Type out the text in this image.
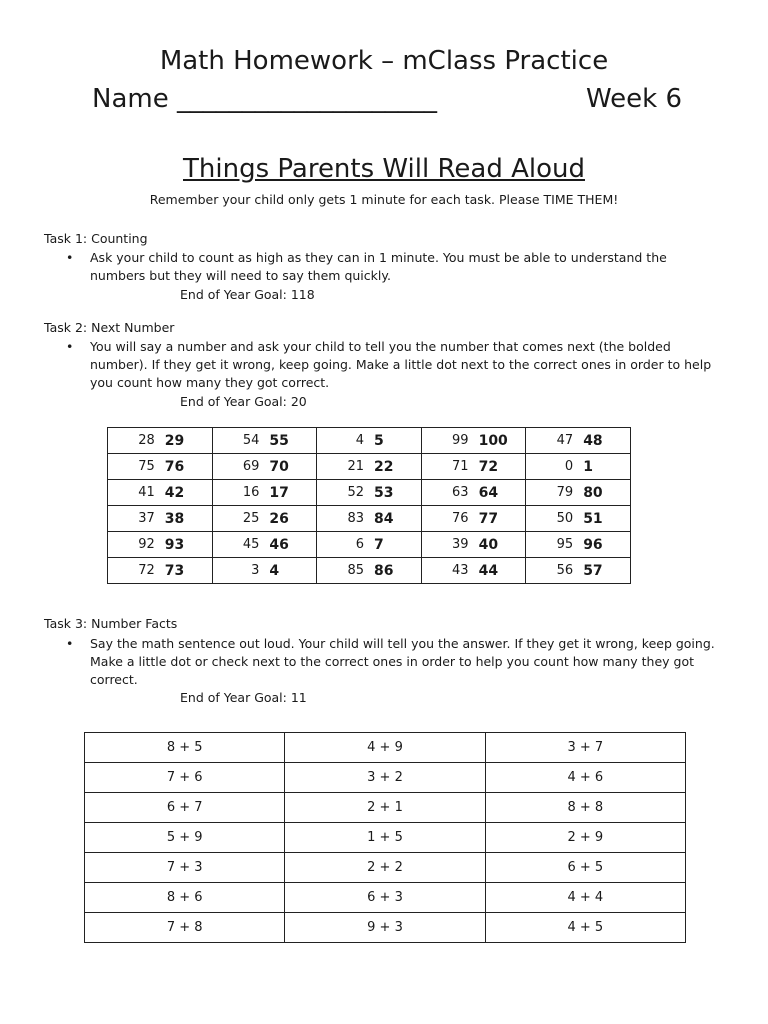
Math Homework – mClass Practice
Name ____________________	Week 6
Things Parents Will Read Aloud
Remember your child only gets 1 minute for each task. Please TIME THEM!
Task 1: Counting
• Ask your child to count as high as they can in 1 minute. You must be able to understand the numbers but they will need to say them quickly.
End of Year Goal: 118
Task 2: Next Number
• You will say a number and ask your child to tell you the number that comes next (the bolded number). If they get it wrong, keep going. Make a little dot next to the correct ones in order to help you count how many they got correct.
End of Year Goal: 20
28 29	54 55	4 5	99 100	47 48

75 76	69 70	21 22	71 72	0 1

41 42	16 17	52 53	63 64	79 80

37 38	25 26	83 84	76 77	50 51

92 93	45 46	6 7	39 40	95 96

72 73	3 4	85 86	43 44	56 57
Task 3: Number Facts
• Say the math sentence out loud. Your child will tell you the answer. If they get it wrong, keep going. Make a little dot or check next to the correct ones in order to help you count how many they got correct.
End of Year Goal: 11
8 + 5	4 + 9	3 + 7
7 + 6	3 + 2	4 + 6
6 + 7	2 + 1	8 + 8
5 + 9	1 + 5	2 + 9
7 + 3	2 + 2	6 + 5
8 + 6	6 + 3	4 + 4
7 + 8	9 + 3	4 + 5
